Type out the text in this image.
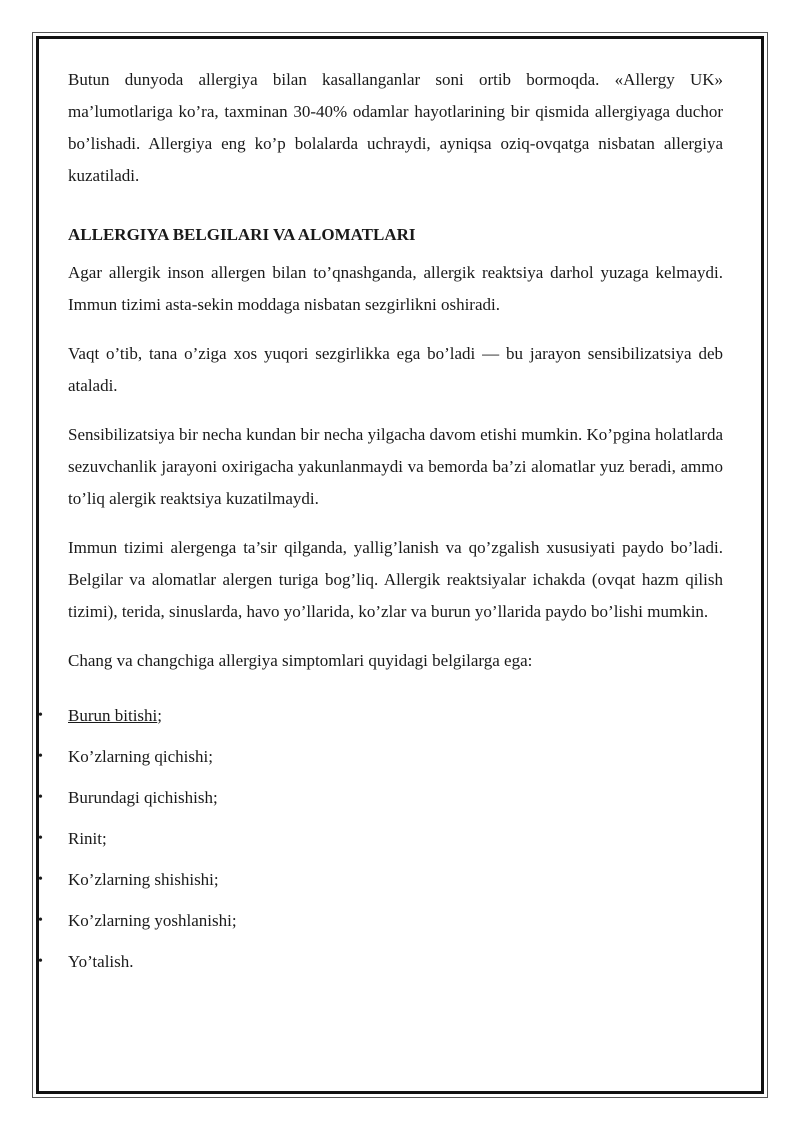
Butun dunyoda allergiya bilan kasallanganlar soni ortib bormoqda. «Allergy UK» ma’lumotlariga ko’ra, taxminan 30-40% odamlar hayotlarining bir qismida allergiyaga duchor bo’lishadi. Allergiya eng ko’p bolalarda uchraydi, ayniqsa oziq-ovqatga nisbatan allergiya kuzatiladi.

ALLERGIYA BELGILARI VA ALOMATLARI

Agar allergik inson allergen bilan to’qnashganda, allergik reaktsiya darhol yuzaga kelmaydi. Immun tizimi asta-sekin moddaga nisbatan sezgirlikni oshiradi.

Vaqt o’tib, tana o’ziga xos yuqori sezgirlikka ega bo’ladi — bu jarayon sensibilizatsiya deb ataladi.

Sensibilizatsiya bir necha kundan bir necha yilgacha davom etishi mumkin. Ko’pgina holatlarda sezuvchanlik jarayoni oxirigacha yakunlanmaydi va bemorda ba’zi alomatlar yuz beradi, ammo to’liq alergik reaktsiya kuzatilmaydi.

Immun tizimi alergenga ta’sir qilganda, yallig’lanish va qo’zgalish xususiyati paydo bo’ladi. Belgilar va alomatlar alergen turiga bog’liq. Allergik reaktsiyalar ichakda (ovqat hazm qilish tizimi), terida, sinuslarda, havo yo’llarida, ko’zlar va burun yo’llarida paydo bo’lishi mumkin.

Chang va changchiga allergiya simptomlari quyidagi belgilarga ega:

• Burun bitishi;
• Ko’zlarning qichishi;
• Burundagi qichishish;
• Rinit;
• Ko’zlarning shishishi;
• Ko’zlarning yoshlanishi;
• Yo’talish.
